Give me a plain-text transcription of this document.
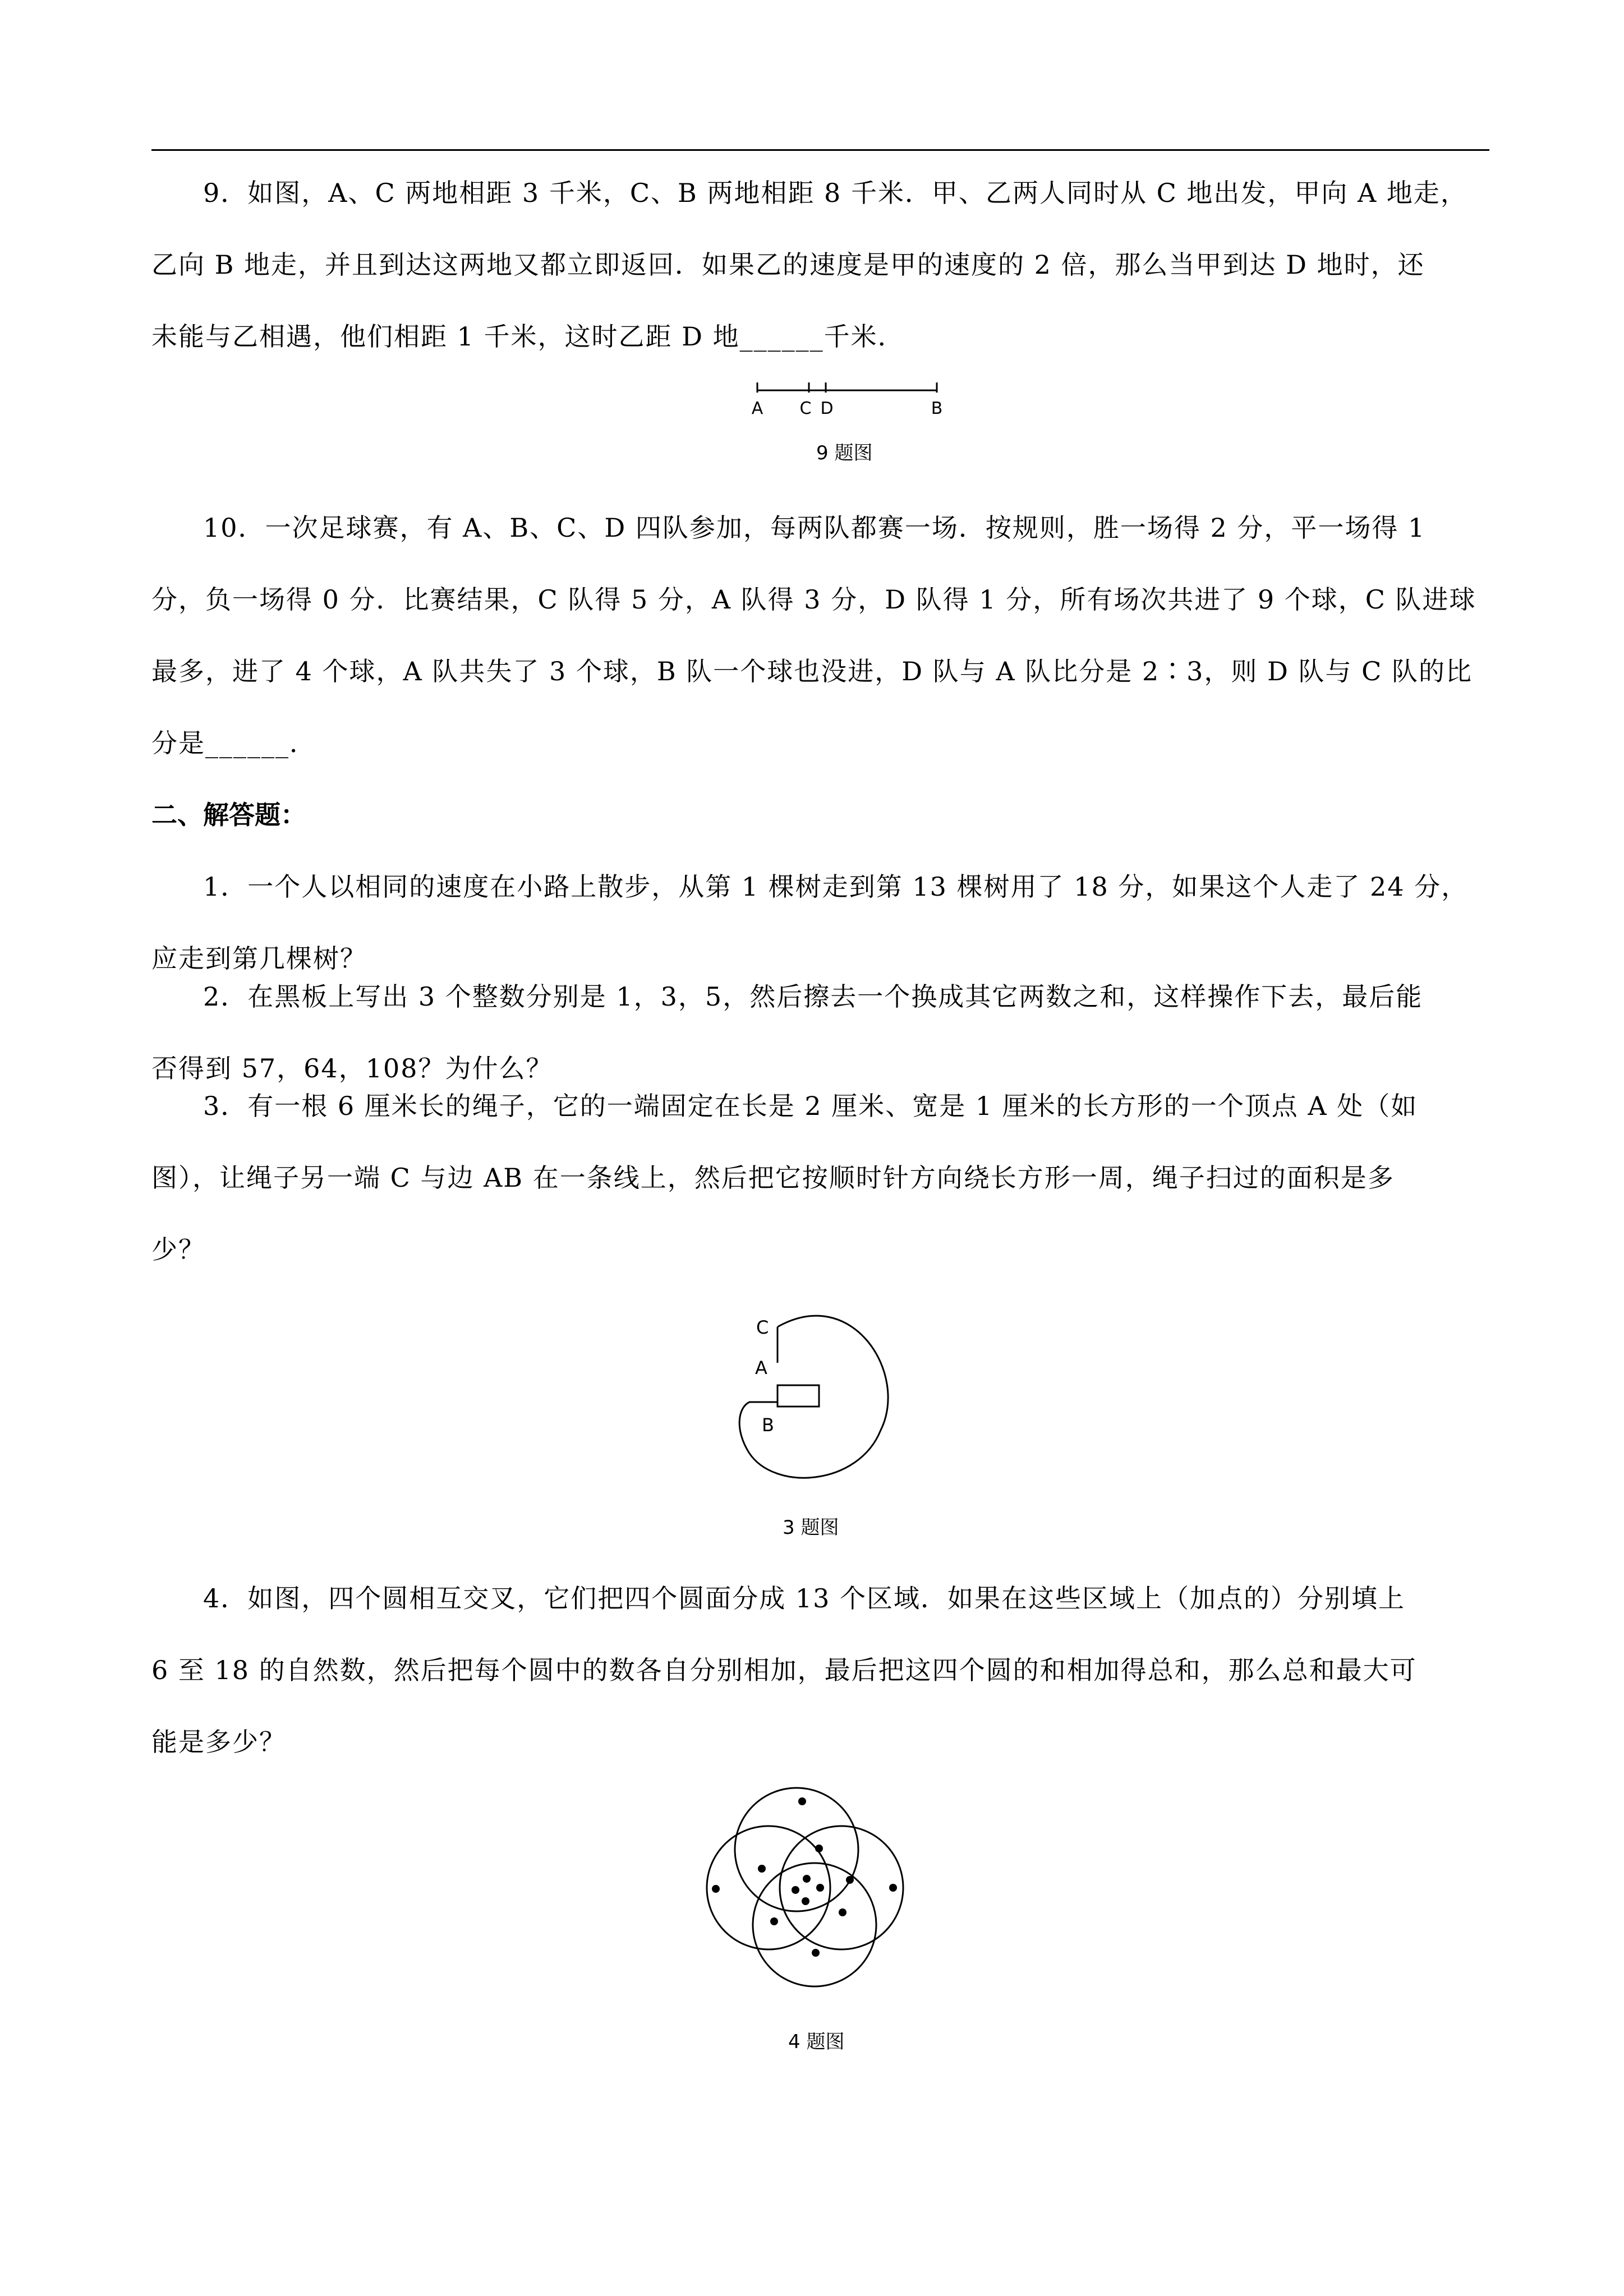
9．如图，A、C 两地相距 3 千米，C、B 两地相距 8 千米．甲、乙两人同时从 C 地出发，甲向 A 地走，
乙向 B 地走，并且到达这两地又都立即返回．如果乙的速度是甲的速度的 2 倍，那么当甲到达 D 地时，还
未能与乙相遇，他们相距 1 千米，这时乙距 D 地______千米．
A C D	B
9 题图
10．一次足球赛，有 A、B、C、D 四队参加，每两队都赛一场．按规则，胜一场得 2 分，平一场得 1
分，负一场得 0 分．比赛结果，C 队得 5 分，A 队得 3 分，D 队得 1 分，所有场次共进了 9 个球，C 队进球
最多，进了 4 个球，A 队共失了 3 个球，B 队一个球也没进，D 队与 A 队比分是 2∶3，则 D 队与 C 队的比
分是______．
二、解答题：
1．一个人以相同的速度在小路上散步，从第 1 棵树走到第 13 棵树用了 18 分，如果这个人走了 24 分，
应走到第几棵树？
2．在黑板上写出 3 个整数分别是 1，3，5，然后擦去一个换成其它两数之和，这样操作下去，最后能
否得到 57，64，108？为什么？
3．有一根 6 厘米长的绳子，它的一端固定在长是 2 厘米、宽是 1 厘米的长方形的一个顶点 A 处（如
图），让绳子另一端 C 与边 AB 在一条线上，然后把它按顺时针方向绕长方形一周，绳子扫过的面积是多
少？
C
A
B
3 题图
4．如图，四个圆相互交叉，它们把四个圆面分成 13 个区域．如果在这些区域上（加点的）分别填上
6 至 18 的自然数，然后把每个圆中的数各自分别相加，最后把这四个圆的和相加得总和，那么总和最大可
能是多少？
4 题图
